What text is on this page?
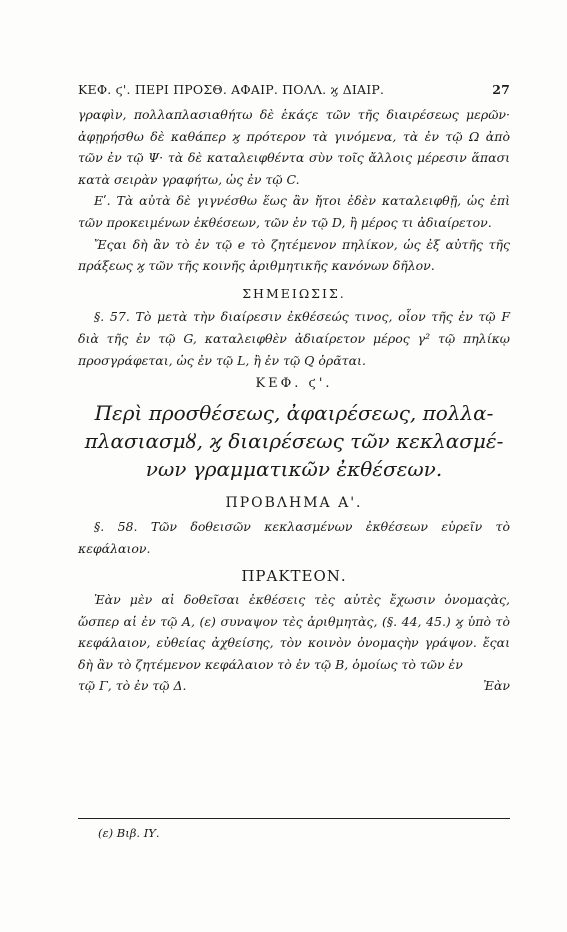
ΚΕΦ. ϛ'. ΠΕΡΙ ΠΡΟΣΘ. ΑΦΑΙΡ. ΠΟΛΛ. ϗ ΔΙΑΙΡ.	27

γραφὶν, πολλαπλασιαθήτω δὲ ἑκάϛε τῶν τῆς διαιρέσεως μερῶν· ἀφῃρήσθω δὲ καθάπερ ϗ πρότερον τὰ γινόμενα, τὰ ἐν τῷ Ω ἀπὸ τῶν ἐν τῷ Ψ· τὰ δὲ καταλειφθέντα σὺν τοῖς ἄλλοις μέρεσιν ἅπασι κατὰ σειρὰν γραφήτω, ὡς ἐν τῷ C.

Εʹ. Τὰ αὐτὰ δὲ γιγνέσθω ἕως ἂν ἤτοι ἐδὲν καταλειφθῇ, ὡς ἐπὶ τῶν προκειμένων ἐκθέσεων, τῶν ἐν τῷ D, ἢ μέρος τι ἀδιαίρετον.

Ἔςαι δὴ ἂν τὸ ἐν τῷ e τὸ ζητέμενον πηλίκον, ὡς ἐξ αὐτῆς τῆς πράξεως ϗ τῶν τῆς κοινῆς ἀριθμητικῆς κανόνων δῆλον.

ΣΗΜΕΙΩΣΙΣ.

§. 57. Τὸ μετὰ τὴν διαίρεσιν ἐκθέσεώς τινος, οἷον τῆς ἐν τῷ F διὰ τῆς ἐν τῷ G, καταλειφθὲν ἀδιαίρετον μέρος γ² τῷ πηλίκῳ προσγράφεται, ὡς ἐν τῷ L, ἢ ἐν τῷ Q ὁρᾶται.

ΚΕΦ. ϛ'.
Περὶ προσθέσεως, ἀφαιρέσεως, πολλα-
πλασιασμȣ, ϗ διαιρέσεως τῶν κεκλασμέ-
νων γραμματικῶν ἐκθέσεων.
ΠΡΟΒΛΗΜΑ Α'.

§. 58. Τῶν δοθεισῶν κεκλασμένων ἐκθέσεων εὑρεῖν τὸ κεφάλαιον.

ΠΡΑΚΤΕΟΝ.

Ἐὰν μὲν αἱ δοθεῖσαι ἐκθέσεις τὲς αὐτὲς ἔχωσιν ὀνομαςὰς, ὥσπερ αἱ ἐν τῷ Α, (ε) συναψον τὲς ἀριθμητὰς, (§. 44, 45.) ϗ ὑπὸ τὸ κεφάλαιον, εὐθείας ἀχθείσης, τὸν κοινὸν ὀνομαςὴν γράψον. ἔςαι δὴ ἂν τὸ ζητέμενον κεφάλαιον τὸ ἐν τῷ Β, ὁμοίως τὸ τῶν ἐν

τῷ Γ, τὸ ἐν τῷ Δ.	Ἐὰν
(ε) Βιβ. ΙΥ.
